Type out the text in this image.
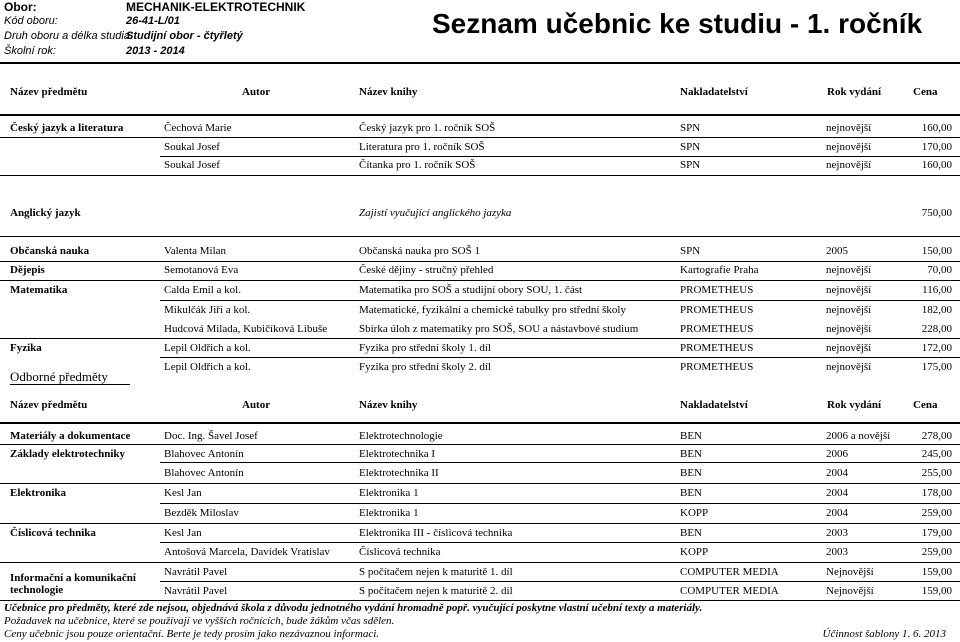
Obor:	MECHANIK-ELEKTROTECHNIK
Kód oboru:	26-41-L/01
Druh oboru a délka studia:
Studijní obor - čtyřletý
Školní rok:	2013 - 2014
Seznam učebnic ke studiu - 1. ročník
Název předmětu	Autor	Název knihy	Nakladatelství	Rok vydání	Cena
Český jazyk a literatura	Čechová Marie	Český jazyk pro 1. ročník SOŠ	SPN	nejnovější	160,00
Soukal Josef	Literatura pro 1. ročník SOŠ	SPN	nejnovější	170,00
Soukal Josef	Čítanka pro 1. ročník SOŠ	SPN	nejnovější	160,00
Anglický jazyk	Zajistí vyučující anglického jazyka	750,00
Občanská nauka	Valenta Milan	Občanská nauka pro SOŠ 1	SPN	2005	150,00
Dějepis	Semotanová Eva	České dějiny - stručný přehled	Kartografie Praha	nejnovější	70,00
Matematika	Calda Emil a kol.	Matematika pro SOŠ a studijní obory SOU, 1. část	PROMETHEUS	nejnovější	116,00
Mikulčák Jiří a kol.	Matematické, fyzikální a chemické tabulky pro střední školy	PROMETHEUS	nejnovější	182,00
Hudcová Milada, Kubičíková Libuše	Sbírka úloh z matematiky pro SOŠ, SOU a nástavbové studium	PROMETHEUS	nejnovější	228,00
Fyzika	Lepil Oldřich a kol.	Fyzika pro střední školy 1. díl	PROMETHEUS	nejnovější	172,00
Lepil Oldřich a kol.	Fyzika pro střední školy 2. díl	PROMETHEUS	nejnovější	175,00
Odborné předměty
Název předmětu	Autor	Název knihy	Nakladatelství	Rok vydání	Cena
Materiály a dokumentace	Doc. Ing. Šavel Josef	Elektrotechnologie	BEN	2006 a novější	278,00
Základy elektrotechniky	Blahovec Antonín	Elektrotechnika I	BEN	2006	245,00
Blahovec Antonín	Elektrotechnika II	BEN	2004	255,00
Elektronika	Kesl Jan	Elektronika 1	BEN	2004	178,00
Bezděk Miloslav	Elektronika 1	KOPP	2004	259,00
Číslicová technika	Kesl Jan	Elektronika III - číslicová technika	BEN	2003	179,00
Antošová Marcela, Davídek Vratislav	Číslicová technika	KOPP	2003	259,00
Informační a komunikační	Navrátil Pavel	S počítačem nejen k maturitě 1. díl	COMPUTER MEDIA	Nejnovější	159,00
technologie	Navrátil Pavel	S počítačem nejen k maturitě 2. díl	COMPUTER MEDIA	Nejnovější	159,00
Učebnice pro předměty, které zde nejsou, objednává škola z důvodu jednotného vydání hromadně popř. vyučující poskytne vlastní učební texty a materiály.
Požadavek na učebnice, které se používají ve vyšších ročnících, bude žákům včas sdělen.
Ceny učebnic jsou pouze orientační. Berte je tedy prosím jako nezávaznou informaci.	Účinnost šablony 1. 6. 2013
